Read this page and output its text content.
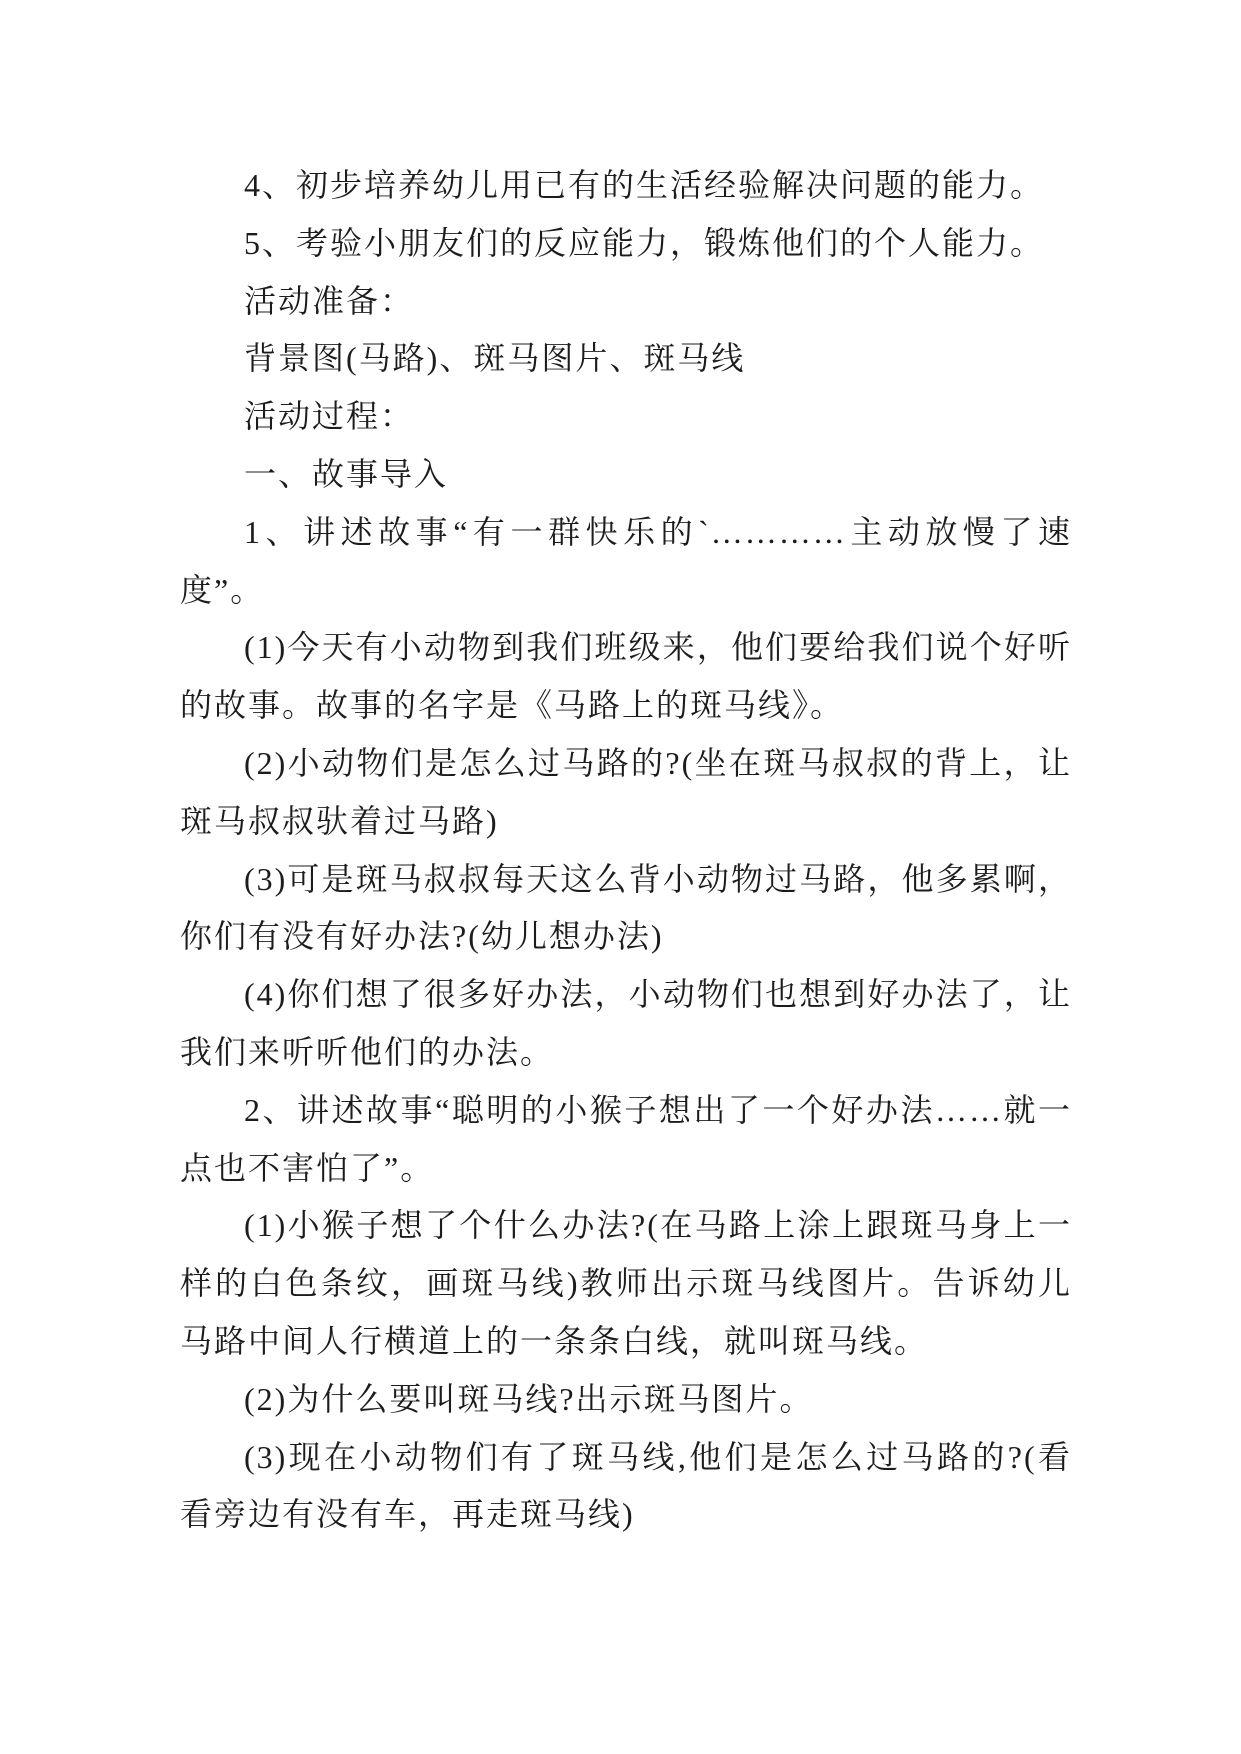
4、初步培养幼儿用已有的生活经验解决问题的能力。

5、考验小朋友们的反应能力，锻炼他们的个人能力。

活动准备：

背景图(马路)、斑马图片、斑马线

活动过程：

一、故事导入

1、讲述故事“有一群快乐的`…………主动放慢了速度”。

(1)今天有小动物到我们班级来，他们要给我们说个好听的故事。故事的名字是《马路上的斑马线》。

(2)小动物们是怎么过马路的?(坐在斑马叔叔的背上，让斑马叔叔驮着过马路)

(3)可是斑马叔叔每天这么背小动物过马路，他多累啊，你们有没有好办法?(幼儿想办法)

(4)你们想了很多好办法，小动物们也想到好办法了，让我们来听听他们的办法。

2、讲述故事“聪明的小猴子想出了一个好办法……就一点也不害怕了”。

(1)小猴子想了个什么办法?(在马路上涂上跟斑马身上一样的白色条纹，画斑马线)教师出示斑马线图片。告诉幼儿马路中间人行横道上的一条条白线，就叫斑马线。

(2)为什么要叫斑马线?出示斑马图片。

(3)现在小动物们有了斑马线,他们是怎么过马路的?(看看旁边有没有车，再走斑马线)
